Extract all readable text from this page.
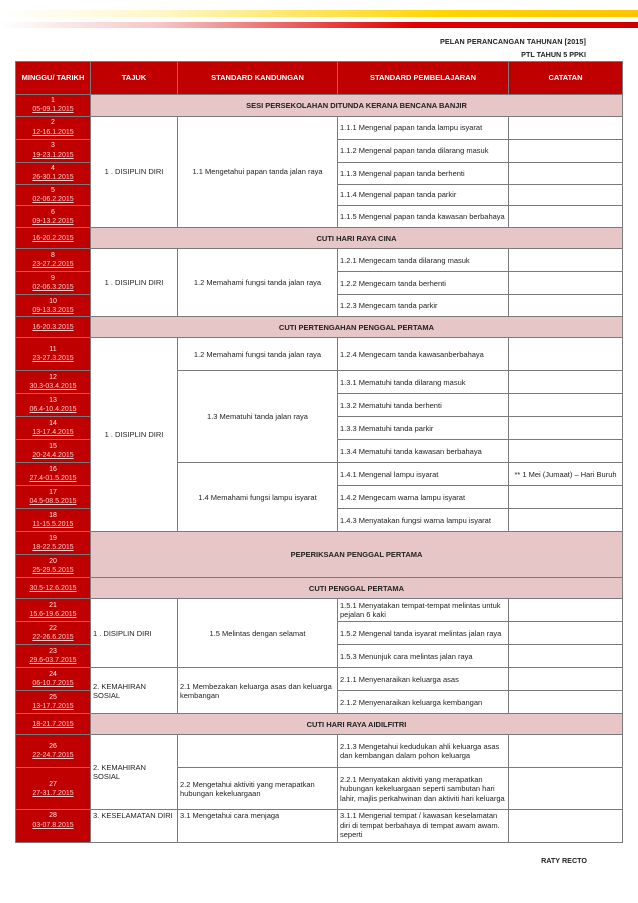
PELAN PERANCANGAN TAHUNAN [2015]
PTL TAHUN 5 PPKI
MINGGU/ TARIKH	TAJUK	STANDARD KANDUNGAN	STANDARD PEMBELAJARAN	CATATAN

1
05-09.1.2015	SESI PERSEKOLAHAN DITUNDA KERANA BENCANA BANJIR			

2
12-16.1.2015	1 . DISIPLIN DIRI	1.1 Mengetahui papan tanda jalan raya	1.1.1 Mengenal papan tanda lampu isyarat	

3
19-23.1.2015			1.1.2 Mengenal papan tanda dilarang masuk	

4
26-30.1.2015			1.1.3 Mengenal papan tanda berhenti	

5
02-06.2.2015			1.1.4 Mengenal papan tanda parkir	

6
09-13.2.2015			1.1.5 Mengenal papan tanda kawasan berbahaya	

16-20.2.2015	CUTI HARI RAYA CINA			

8
23-27.2.2015	1 . DISIPLIN DIRI	1.2 Memahami fungsi tanda jalan raya	1.2.1 Mengecam tanda dilarang masuk	

9
02-06.3.2015			1.2.2 Mengecam tanda berhenti	

10
09-13.3.2015			1.2.3 Mengecam tanda parkir	

16-20.3.2015	CUTI PERTENGAHAN PENGGAL PERTAMA			

11
23-27.3.2015	1 . DISIPLIN DIRI	1.2 Memahami fungsi tanda jalan raya	1.2.4 Mengecam tanda kawasanberbahaya	

12
30.3-03.4.2015		1.3 Mematuhi tanda jalan raya	1.3.1 Mematuhi tanda dilarang masuk	

13
06.4-10.4.2015			1.3.2 Mematuhi tanda berhenti	

14
13-17.4.2015			1.3.3 Mematuhi tanda parkir	

15
20-24.4.2015			1.3.4 Mematuhi tanda kawasan berbahaya	

16
27.4-01.5.2015		1.4 Memahami fungsi lampu isyarat	1.4.1 Mengenal lampu isyarat	** 1 Mei (Jumaat) – Hari Buruh

17
04.5-08.5.2015			1.4.2 Mengecam warna lampu isyarat	

18
11-15.5.2015			1.4.3 Menyatakan fungsi warna lampu isyarat	

19
18-22.5.2015	PEPERIKSAAN PENGGAL PERTAMA			

20
25-29.5.2015				

30.5-12.6.2015	CUTI PENGGAL PERTAMA			

21
15.6-19.6.2015	1 . DISIPLIN DIRI	1.5 Melintas dengan selamat	1.5.1 Menyatakan tempat-tempat melintas untuk pejalan 6 kaki	

22
22-26.6.2015			1.5.2 Mengenal tanda isyarat melintas jalan raya	

23
29.6-03.7.2015			1.5.3 Menunjuk cara melintas jalan raya	

24
06-10.7.2015	2. KEMAHIRAN SOSIAL	2.1 Membezakan keluarga asas dan keluarga kembangan	2.1.1 Menyenaraikan keluarga asas	

25
13-17.7.2015			2.1.2 Menyenaraikan keluarga kembangan	

18-21.7.2015	CUTI HARI RAYA AIDILFITRI			

26
22-24.7.2015	2. KEMAHIRAN SOSIAL		2.1.3 Mengetahui kedudukan ahli keluarga asas dan kembangan dalam pohon keluarga	

27
27-31.7.2015		2.2 Mengetahui aktiviti yang merapatkan hubungan kekeluargaan	2.2.1 Menyatakan aktiviti yang merapatkan hubungan kekeluargaan seperti sambutan hari lahir, majlis perkahwinan dan aktiviti hari keluarga	

28
03-07.8.2015	3. KESELAMATAN DIRI	3.1 Mengetahui cara menjaga	3.1.1 Mengenal tempat / kawasan keselamatan diri di tempat berbahaya di tempat awam awam. seperti	
RATY RECTO
